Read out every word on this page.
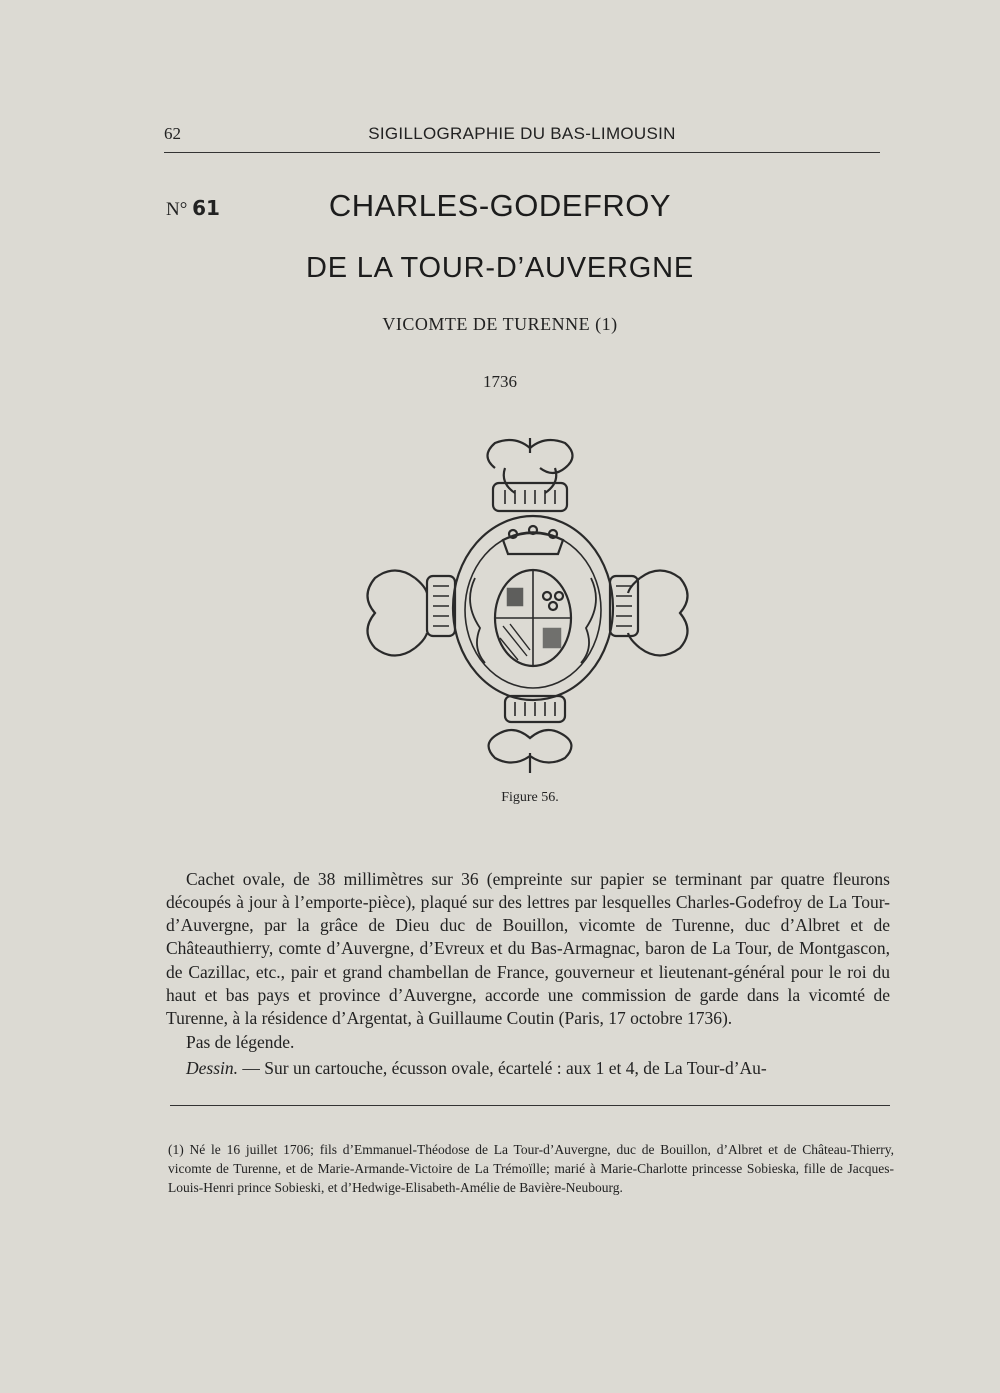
62	SIGILLOGRAPHIE DU BAS-LIMOUSIN
N° 61	CHARLES-GODEFROY
DE LA TOUR-D’AUVERGNE
VICOMTE DE TURENNE (1)
1736
Figure 56.

Cachet ovale, de 38 millimètres sur 36 (empreinte sur papier se terminant par quatre fleurons découpés à jour à l’emporte-pièce), plaqué sur des lettres par lesquelles Charles-Godefroy de La Tour-d’Auvergne, par la grâce de Dieu duc de Bouillon, vicomte de Turenne, duc d’Albret et de Châteauthierry, comte d’Auvergne, d’Evreux et du Bas-Armagnac, baron de La Tour, de Montgascon, de Cazillac, etc., pair et grand chambellan de France, gouverneur et lieutenant-général pour le roi du haut et bas pays et province d’Auvergne, accorde une commission de garde dans la vicomté de Turenne, à la résidence d’Argentat, à Guillaume Coutin (Paris, 17 octobre 1736).

Pas de légende.
Dessin. — Sur un cartouche, écusson ovale, écartelé : aux 1 et 4, de La Tour-d’Au-

(1) Né le 16 juillet 1706; fils d’Emmanuel-Théodose de La Tour-d’Auvergne, duc de Bouillon, d’Albret et de Château-Thierry, vicomte de Turenne, et de Marie-Armande-Victoire de La Trémoïlle; marié à Marie-Charlotte princesse Sobieska, fille de Jacques-Louis-Henri prince Sobieski, et d’Hedwige-Elisabeth-Amélie de Bavière-Neubourg.
